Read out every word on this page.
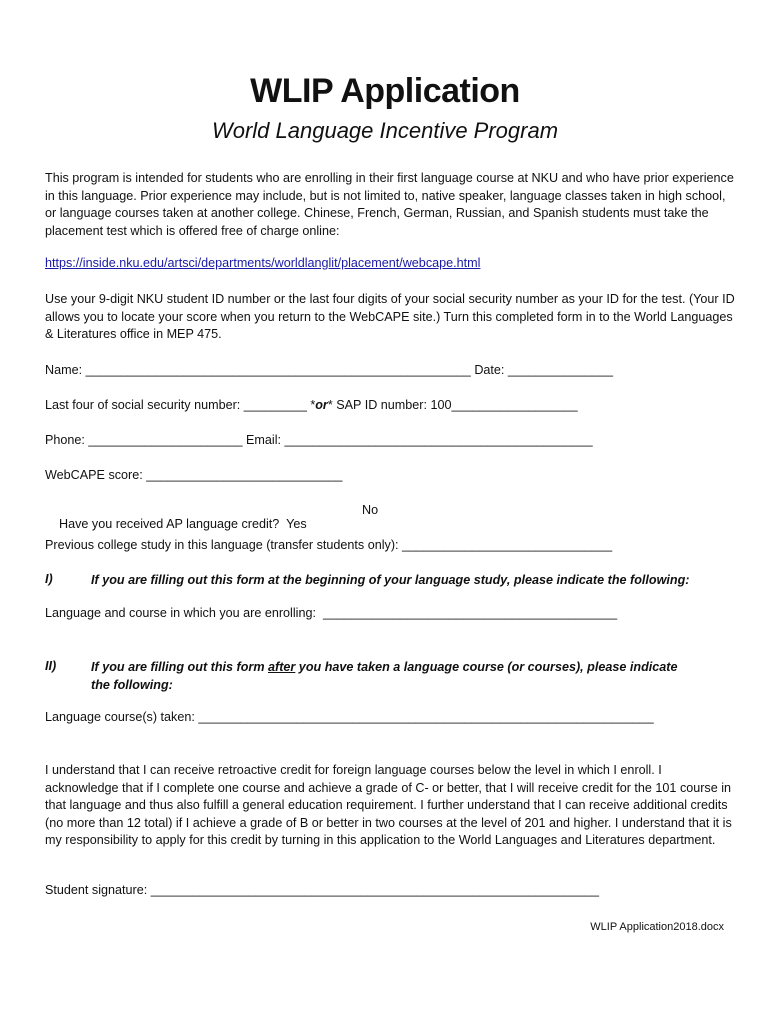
WLIP Application
World Language Incentive Program
This program is intended for students who are enrolling in their first language course at NKU and who have prior experience in this language. Prior experience may include, but is not limited to, native speaker, language classes taken in high school, or language courses taken at another college. Chinese, French, German, Russian, and Spanish students must take the placement test which is offered free of charge online:
https://inside.nku.edu/artsci/departments/worldlanglit/placement/webcape.html
Use your 9-digit NKU student ID number or the last four digits of your social security number as your ID for the test. (Your ID allows you to locate your score when you return to the WebCAPE site.) Turn this completed form in to the World Languages & Literatures office in MEP 475.
Name: _______________________________________________________ Date: _______________
Last four of social security number: _________ *or* SAP ID number: 100__________________
Phone: ______________________ Email: ____________________________________________
WebCAPE score: ____________________________

Have you received AP language credit?  Yes

No

Previous college study in this language (transfer students only): ______________________________
I)	If you are filling out this form at the beginning of your language study, please indicate the following:
Language and course in which you are enrolling:  __________________________________________
II)	If you are filling out this form after you have taken a language course (or courses), please indicate the following:
Language course(s) taken: _________________________________________________________________
I understand that I can receive retroactive credit for foreign language courses below the level in which I enroll. I acknowledge that if I complete one course and achieve a grade of C- or better, that I will receive credit for the 101 course in that language and thus also fulfill a general education requirement. I further understand that I can receive additional credits (no more than 12 total) if I achieve a grade of B or better in two courses at the level of 201 and higher. I understand that it is my responsibility to apply for this credit by turning in this application to the World Languages and Literatures department.
Student signature: ________________________________________________________________
WLIP Application2018.docx
